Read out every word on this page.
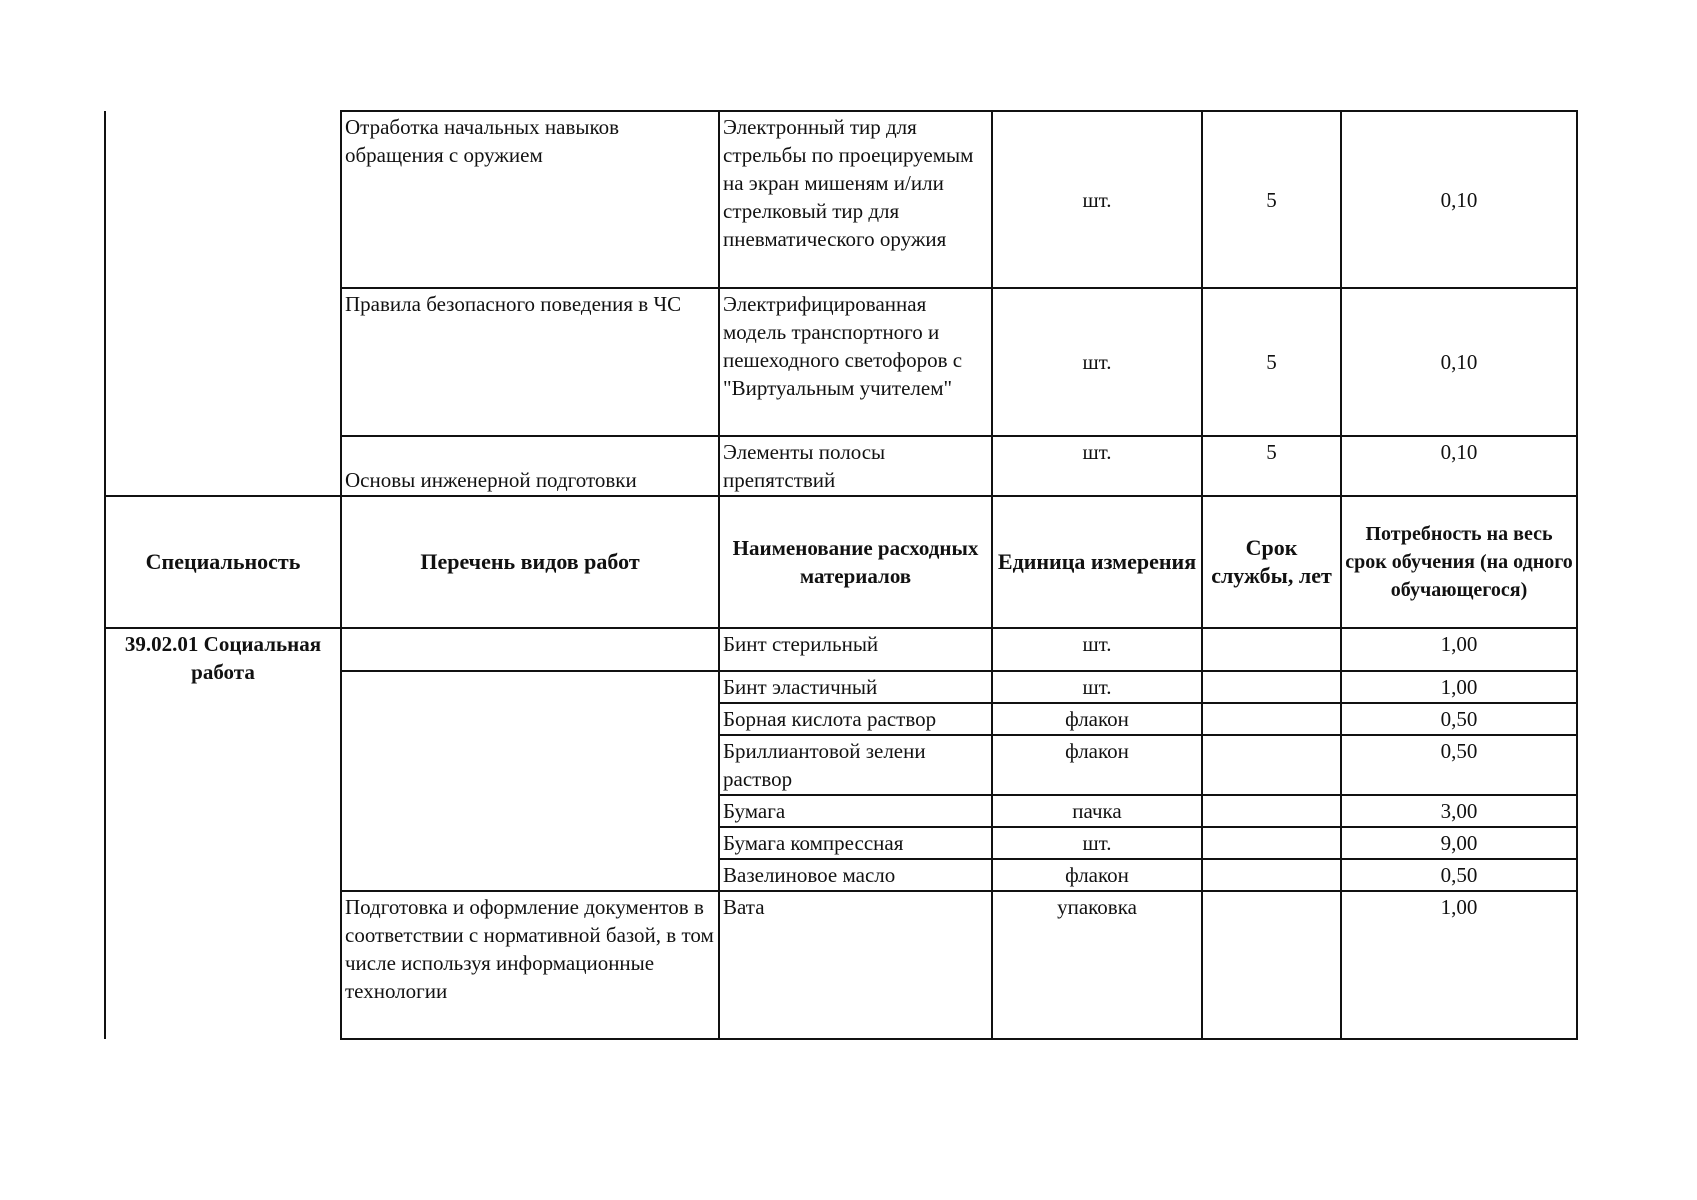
	Отработка начальных навыков обращения с оружием	Электронный тир для стрельбы по проецируемым на экран мишеням и/или стрелковый тир для пневматического оружия	шт.	5	0,10
	Правила безопасного поведения в ЧС	Электрифицированная модель транспортного и пешеходного светофоров с "Виртуальным учителем"	шт.	5	0,10
	Основы инженерной подготовки	Элементы полосы препятствий	шт.	5	0,10
Специальность	Перечень видов работ	Наименование расходных материалов	Единица измерения	Срок службы, лет	Потребность на весь срок обучения (на одного обучающегося)
39.02.01 Социальная работа		Бинт стерильный	шт.		1,00
		Бинт эластичный	шт.		1,00
		Борная кислота раствор	флакон		0,50
		Бриллиантовой зелени раствор	флакон		0,50
		Бумага	пачка		3,00
		Бумага компрессная	шт.		9,00
		Вазелиновое масло	флакон		0,50
	Подготовка и оформление документов в соответствии с нормативной базой, в том числе используя информационные технологии	Вата	упаковка		1,00
